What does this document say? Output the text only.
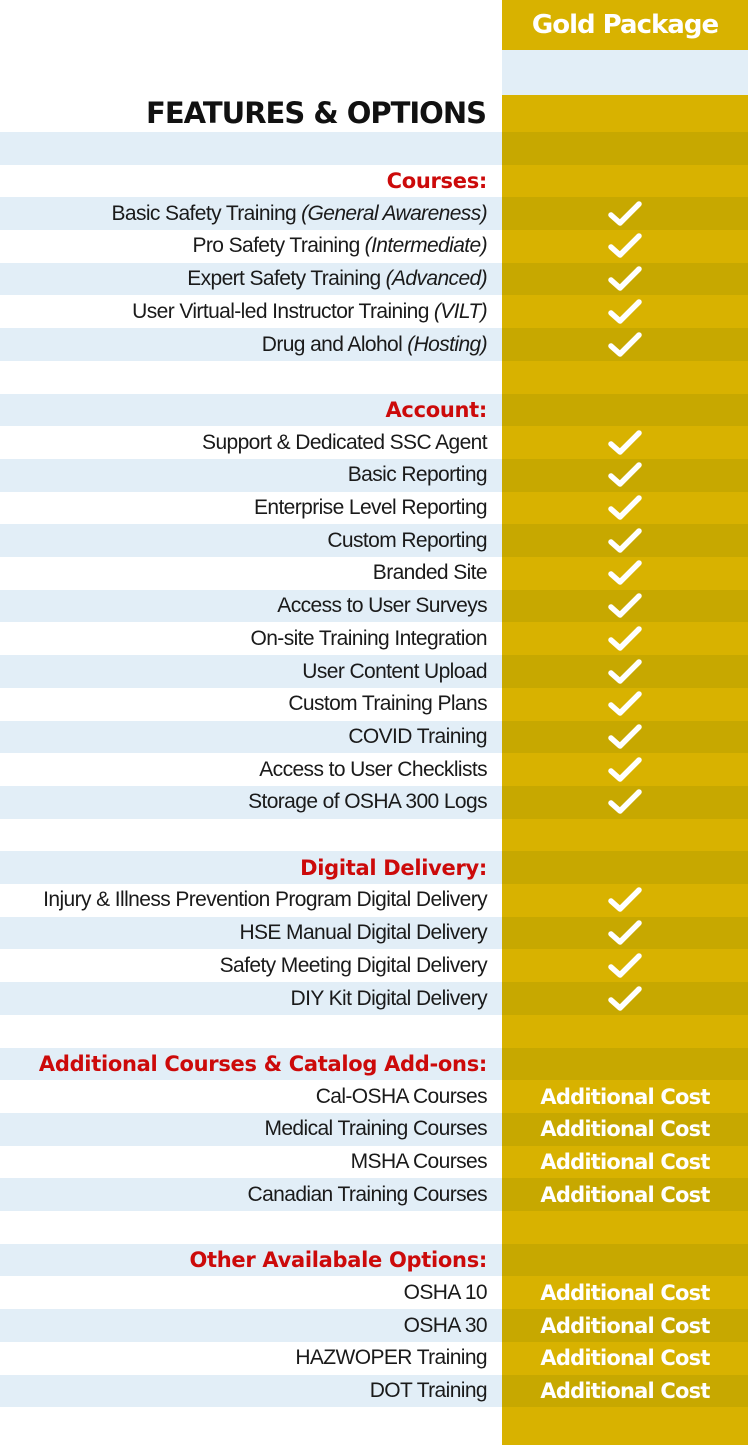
Gold Package
FEATURES & OPTIONS
Courses:
Basic Safety Training (General Awareness)
Pro Safety Training (Intermediate)
Expert Safety Training (Advanced)
User Virtual-led Instructor Training (VILT)
Drug and Alohol (Hosting)
Account:
Support & Dedicated SSC Agent
Basic Reporting
Enterprise Level Reporting
Custom Reporting
Branded Site
Access to User Surveys
On-site Training Integration
User Content Upload
Custom Training Plans
COVID Training
Access to User Checklists
Storage of OSHA 300 Logs
Digital Delivery:
Injury & Illness Prevention Program Digital Delivery
HSE Manual Digital Delivery
Safety Meeting Digital Delivery
DIY Kit Digital Delivery
Additional Courses & Catalog Add-ons:
Cal-OSHA Courses	Additional Cost
Medical Training Courses	Additional Cost
MSHA Courses	Additional Cost
Canadian Training Courses	Additional Cost
Other Availabale Options:
OSHA 10	Additional Cost
OSHA 30	Additional Cost
HAZWOPER Training	Additional Cost
DOT Training	Additional Cost
